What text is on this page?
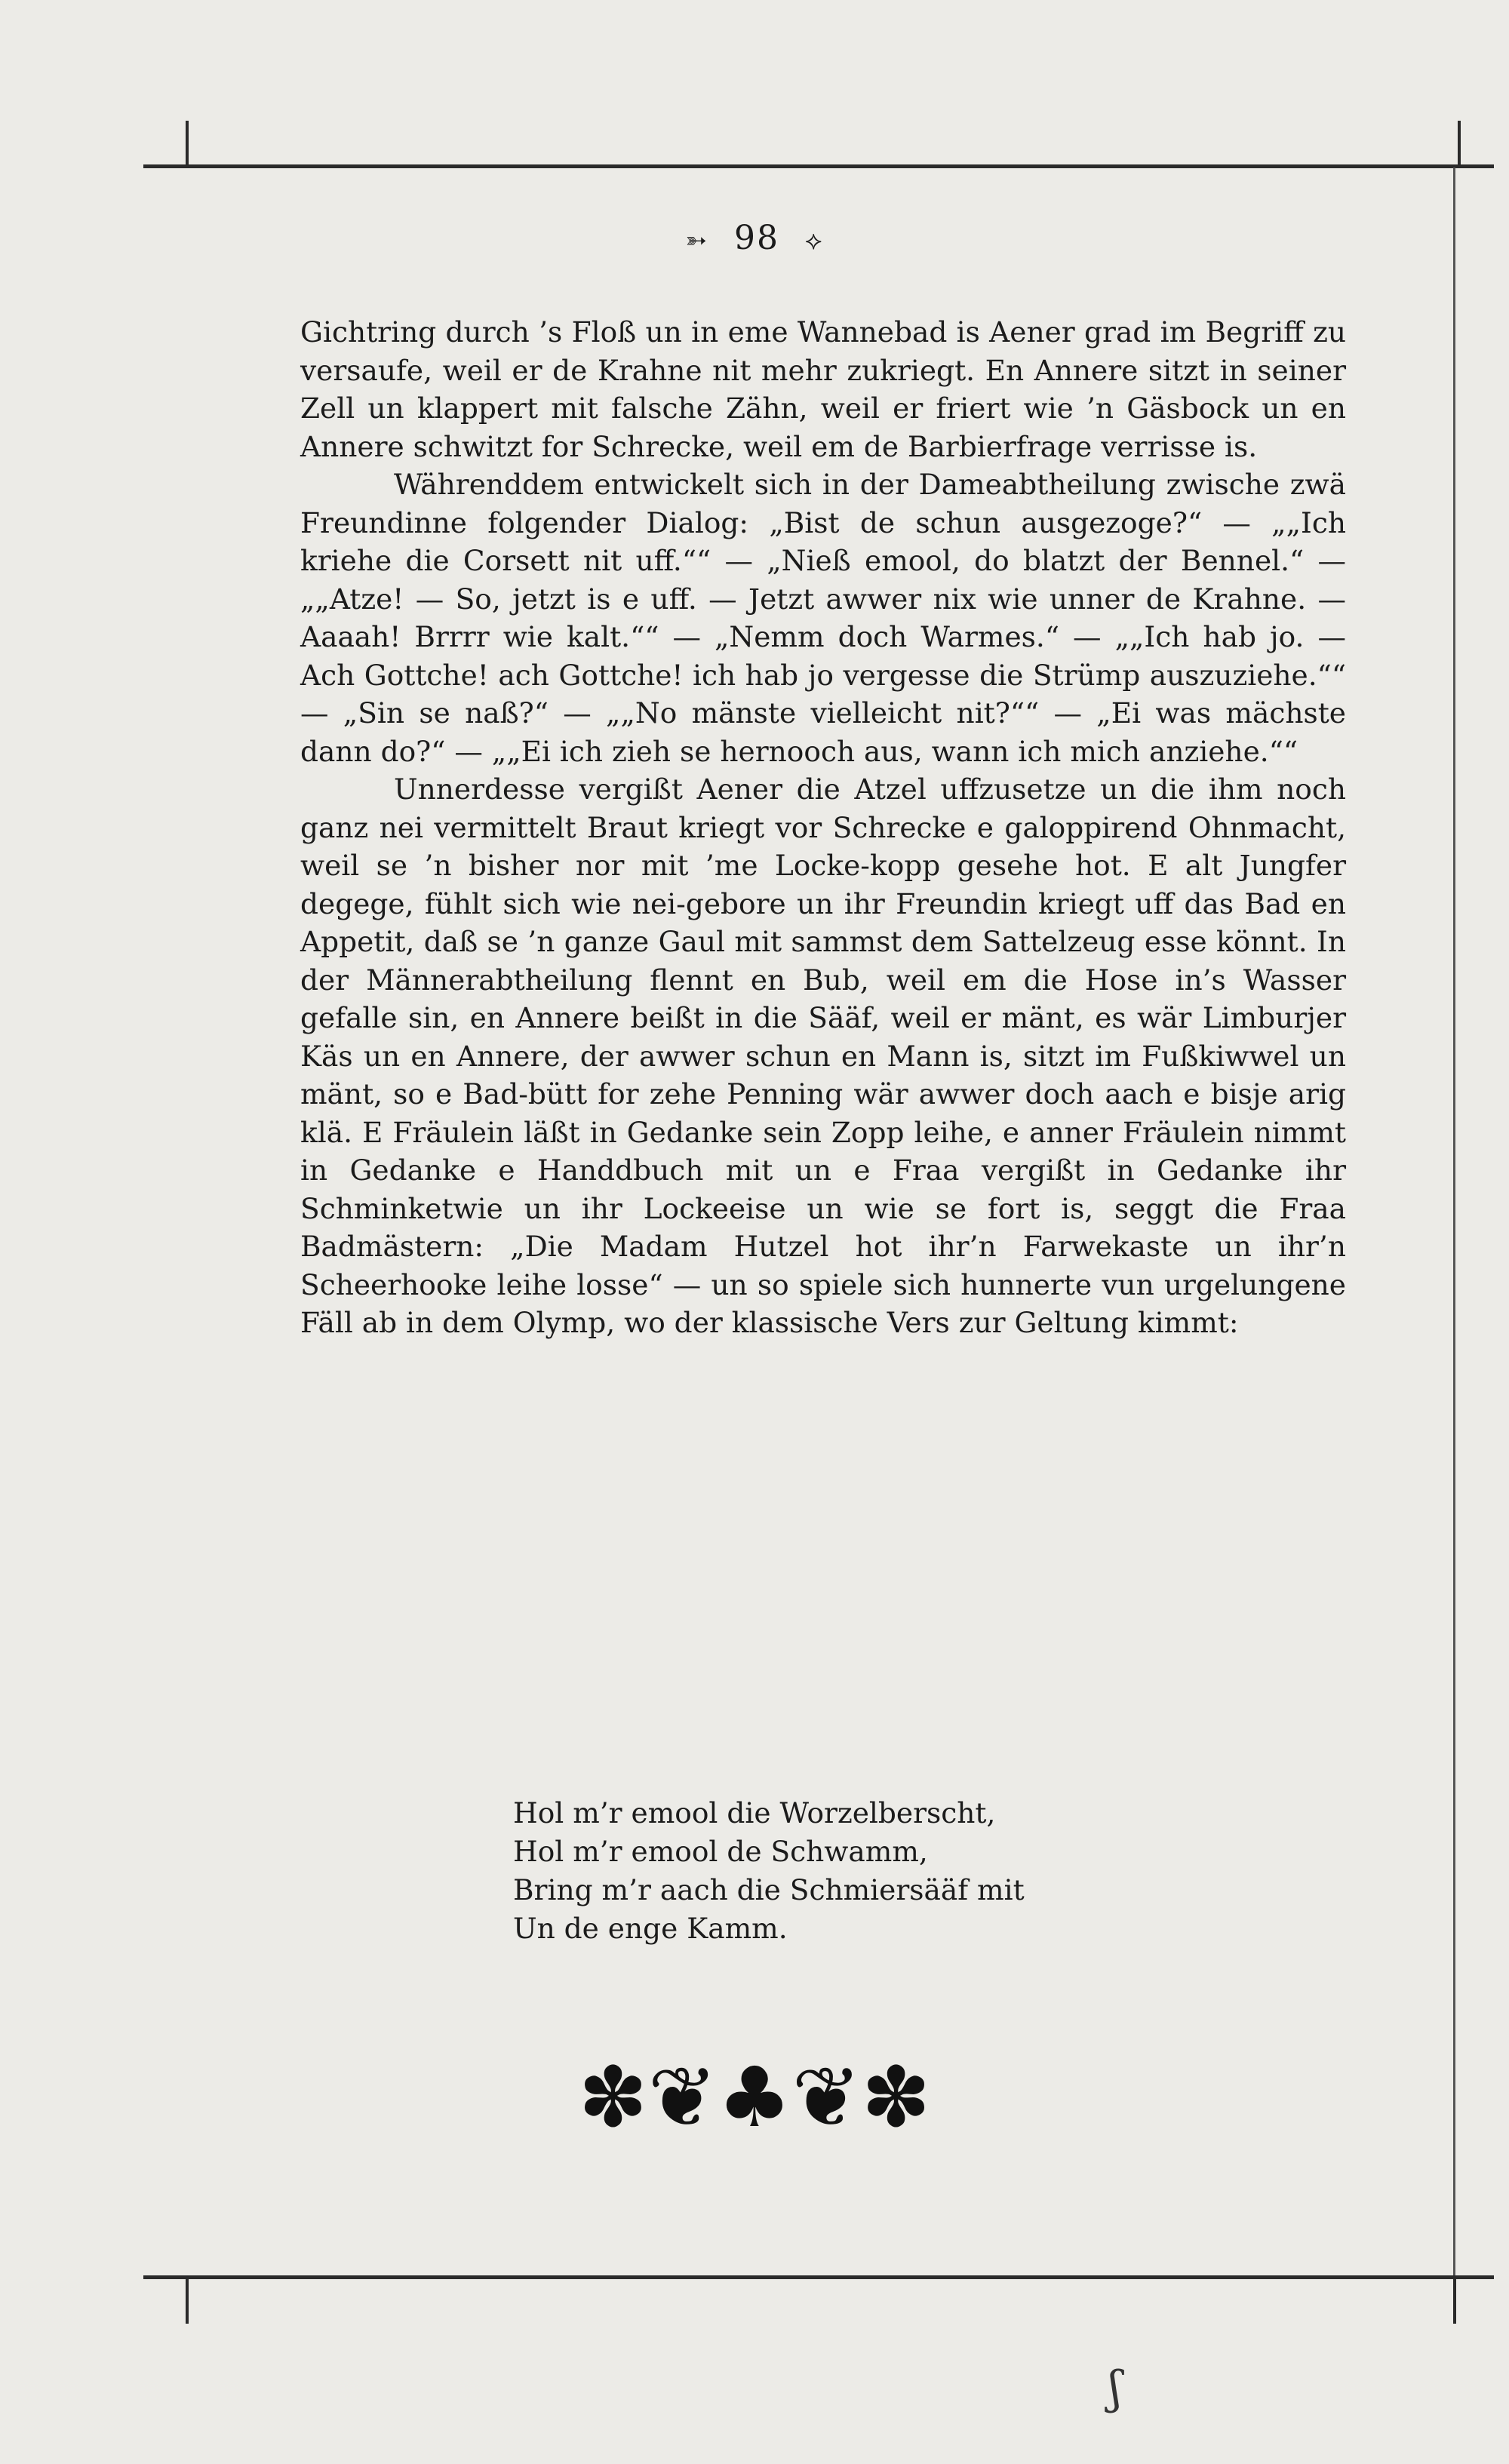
➳ 98 ⟡

Gichtring durch ’s Floß un in eme Wannebad is Aener grad im Begriff zu versaufe, weil er de Krahne nit mehr zukriegt. En Annere sitzt in seiner Zell un klappert mit falsche Zähn, weil er friert wie ’n Gäsbock un en Annere schwitzt for Schrecke, weil em de Barbierfrage verrisse is.

Währenddem entwickelt sich in der Dameabtheilung zwische zwä Freundinne folgender Dialog: „Bist de schun ausgezoge?“ — „„Ich kriehe die Corsett nit uff.““ — „Nieß emool, do blatzt der Bennel.“ — „„Atze! — So, jetzt is e uff. — Jetzt awwer nix wie unner de Krahne. — Aaaah! Brrrr wie kalt.““ — „Nemm doch Warmes.“ — „„Ich hab jo. — Ach Gottche! ach Gottche! ich hab jo vergesse die Strümp auszuziehe.““ — „Sin se naß?“ — „„No mänste vielleicht nit?““ — „Ei was mächste dann do?“ — „„Ei ich zieh se hernooch aus, wann ich mich anziehe.““

Unnerdesse vergißt Aener die Atzel uffzusetze un die ihm noch ganz nei vermittelt Braut kriegt vor Schrecke e galoppirend Ohnmacht, weil se ’n bisher nor mit ’me Locke-kopp gesehe hot. E alt Jungfer degege, fühlt sich wie nei-gebore un ihr Freundin kriegt uff das Bad en Appetit, daß se ’n ganze Gaul mit sammst dem Sattelzeug esse könnt. In der Männerabtheilung flennt en Bub, weil em die Hose in’s Wasser gefalle sin, en Annere beißt in die Sääf, weil er mänt, es wär Limburjer Käs un en Annere, der awwer schun en Mann is, sitzt im Fußkiwwel un mänt, so e Bad-bütt for zehe Penning wär awwer doch aach e bisje arig klä. E Fräulein läßt in Gedanke sein Zopp leihe, e anner Fräulein nimmt in Gedanke e Handdbuch mit un e Fraa vergißt in Gedanke ihr Schminketwie un ihr Lockeeise un wie se fort is, seggt die Fraa Badmästern: „Die Madam Hutzel hot ihr’n Farwekaste un ihr’n Scheerhooke leihe losse“ — un so spiele sich hunnerte vun urgelungene Fäll ab in dem Olymp, wo der klassische Vers zur Geltung kimmt:

Hol m’r emool die Worzelberscht,
Hol m’r emool de Schwamm,
Bring m’r aach die Schmiersääf mit
Un de enge Kamm.
✽❦♣❦✽
ʃ
